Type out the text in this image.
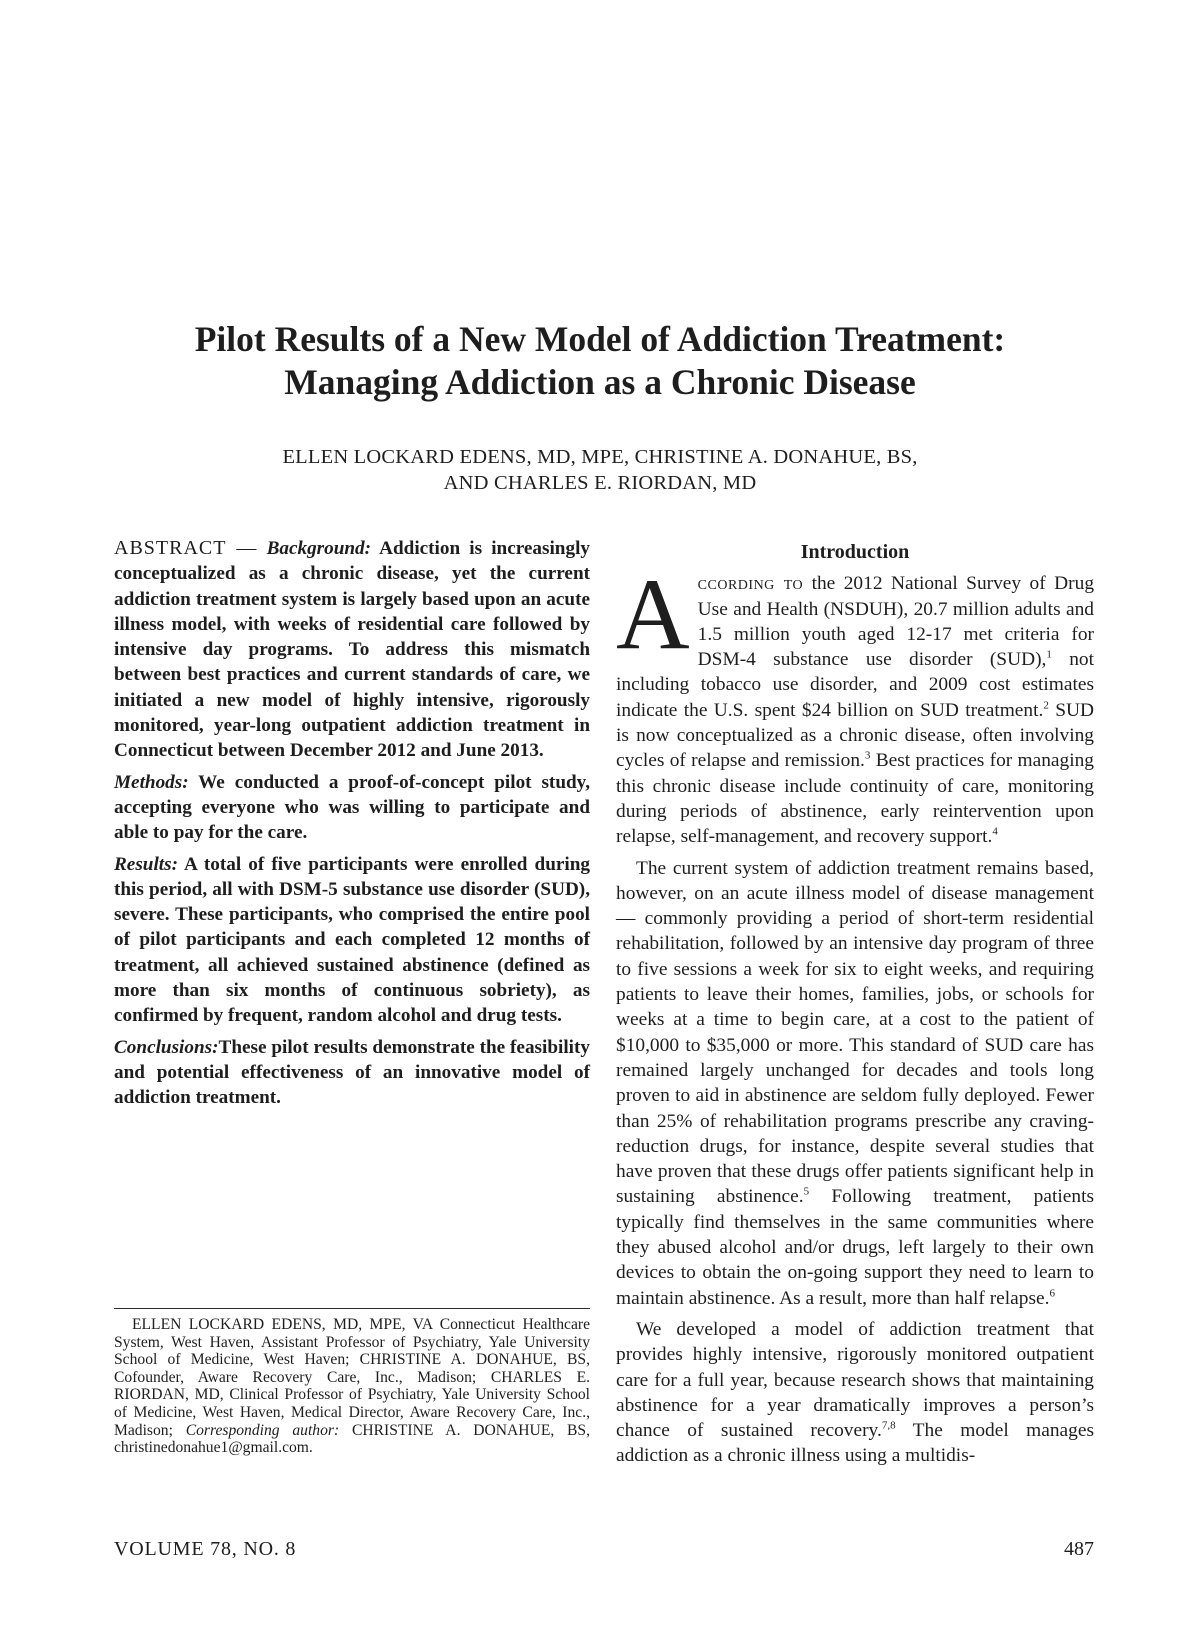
Pilot Results of a New Model of Addiction Treatment:
Managing Addiction as a Chronic Disease
ELLEN LOCKARD EDENS, MD, MPE, CHRISTINE A. DONAHUE, BS,
AND CHARLES E. RIORDAN, MD

ABSTRACT — Background: Addiction is increasingly conceptualized as a chronic disease, yet the current addiction treatment system is largely based upon an acute illness model, with weeks of residential care followed by intensive day programs. To address this mismatch between best practices and current standards of care, we initiated a new model of highly intensive, rigorously monitored, year-long outpatient addiction treatment in Connecticut between December 2012 and June 2013.

Methods: We conducted a proof-of-concept pilot study, accepting everyone who was willing to participate and able to pay for the care.

Results: A total of five participants were enrolled during this period, all with DSM-5 substance use disorder (SUD), severe. These participants, who comprised the entire pool of pilot participants and each completed 12 months of treatment, all achieved sustained abstinence (defined as more than six months of continuous sobriety), as confirmed by frequent, random alcohol and drug tests.

Conclusions:These pilot results demonstrate the feasibility and potential effectiveness of an innovative model of addiction treatment.

ELLEN LOCKARD EDENS, MD, MPE, VA Connecticut Healthcare System, West Haven, Assistant Professor of Psychiatry, Yale University School of Medicine, West Haven; CHRISTINE A. DONAHUE, BS, Cofounder, Aware Recovery Care, Inc., Madison; CHARLES E. RIORDAN, MD, Clinical Professor of Psychiatry, Yale University School of Medicine, West Haven, Medical Director, Aware Recovery Care, Inc., Madison; Corresponding author: CHRISTINE A. DONAHUE, BS, christinedonahue1@gmail.com.
Introduction

According to the 2012 National Survey of Drug Use and Health (NSDUH), 20.7 million adults and 1.5 million youth aged 12-17 met criteria for DSM-4 substance use disorder (SUD),$^1$ not including tobacco use disorder, and 2009 cost estimates indicate the U.S. spent $24 billion on SUD treatment.$^2$ SUD is now conceptualized as a chronic disease, often involving cycles of relapse and remission.$^3$ Best practices for managing this chronic disease include continuity of care, monitoring during periods of abstinence, early reintervention upon relapse, self-management, and recovery support.$^4$

The current system of addiction treatment remains based, however, on an acute illness model of disease management — commonly providing a period of short-term residential rehabilitation, followed by an intensive day program of three to five sessions a week for six to eight weeks, and requiring patients to leave their homes, families, jobs, or schools for weeks at a time to begin care, at a cost to the patient of $10,000 to $35,000 or more. This standard of SUD care has remained largely unchanged for decades and tools long proven to aid in abstinence are seldom fully deployed. Fewer than 25% of rehabilitation programs prescribe any craving-reduction drugs, for instance, despite several studies that have proven that these drugs offer patients significant help in sustaining abstinence.$^5$ Following treatment, patients typically find themselves in the same communities where they abused alcohol and/or drugs, left largely to their own devices to obtain the on-going support they need to learn to maintain abstinence. As a result, more than half relapse.$^6$

We developed a model of addiction treatment that provides highly intensive, rigorously monitored outpatient care for a full year, because research shows that maintaining abstinence for a year dramatically improves a person’s chance of sustained recovery.$^{7,8}$ The model manages addiction as a chronic illness using a multidis-

VOLUME 78, NO. 8	487
